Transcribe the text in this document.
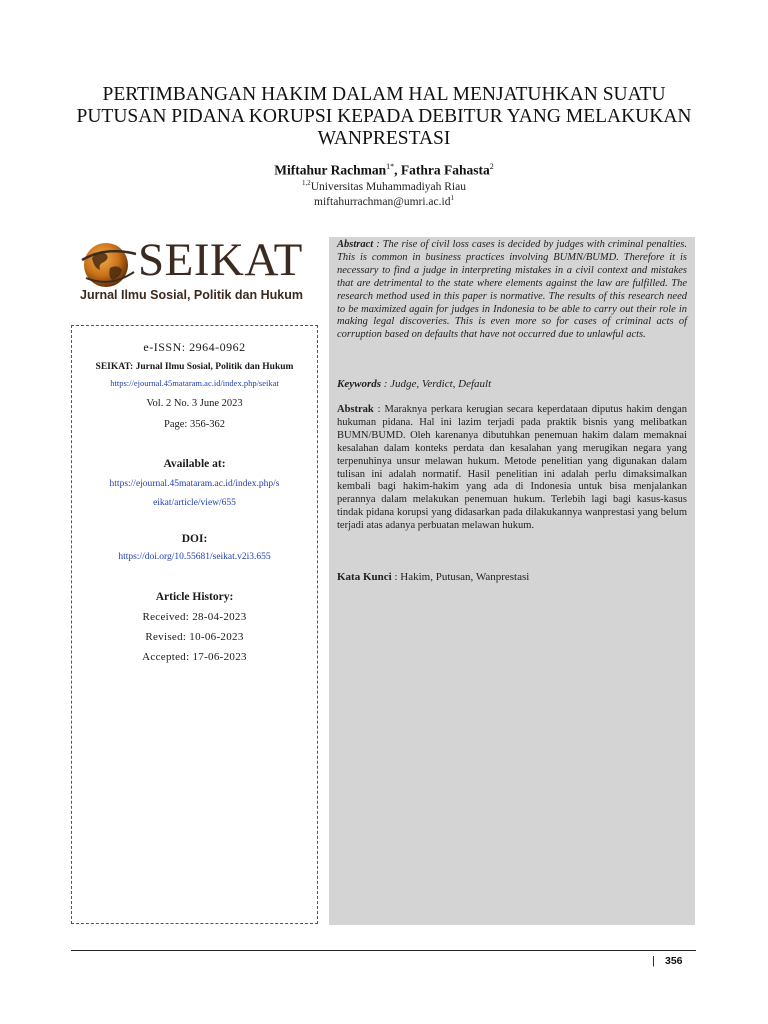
PERTIMBANGAN HAKIM DALAM HAL MENJATUHKAN SUATU
PUTUSAN PIDANA KORUPSI KEPADA DEBITUR YANG MELAKUKAN
WANPRESTASI
Miftahur Rachman$^{1*}$, Fathra Fahasta$^2$
$^{1,2}$Universitas Muhammadiyah Riau
$miftahurrachman@umri.ac.id^1$
SEIKAT
Jurnal Ilmu Sosial, Politik dan Hukum
e-ISSN: 2964-0962
SEIKAT: Jurnal Ilmu Sosial, Politik dan Hukum
https://ejournal.45mataram.ac.id/index.php/seikat
Vol. 2 No. 3 June 2023
Page: 356-362
Available at:
https://ejournal.45mataram.ac.id/index.php/s
eikat/article/view/655
DOI:
https://doi.org/10.55681/seikat.v2i3.655
Article History:
Received: 28-04-2023
Revised: 10-06-2023
Accepted: 17-06-2023
Abstract : The rise of civil loss cases is decided by judges with criminal penalties. This is common in business practices involving BUMN/BUMD. Therefore it is necessary to find a judge in interpreting mistakes in a civil context and mistakes that are detrimental to the state where elements against the law are fulfilled. The research method used in this paper is normative. The results of this research need to be maximized again for judges in Indonesia to be able to carry out their role in making legal discoveries. This is even more so for cases of criminal acts of corruption based on defaults that have not occurred due to unlawful acts.
Keywords : Judge, Verdict, Default
Abstrak : Maraknya perkara kerugian secara keperdataan diputus hakim dengan hukuman pidana. Hal ini lazim terjadi pada praktik bisnis yang melibatkan BUMN/BUMD. Oleh karenanya dibutuhkan penemuan hakim dalam memaknai kesalahan dalam konteks perdata dan kesalahan yang merugikan negara yang terpenuhinya unsur melawan hukum. Metode penelitian yang digunakan dalam tulisan ini adalah normatif. Hasil penelitian ini adalah perlu dimaksimalkan kembali bagi hakim-hakim yang ada di Indonesia untuk bisa menjalankan perannya dalam melakukan penemuan hukum. Terlebih lagi bagi kasus-kasus tindak pidana korupsi yang didasarkan pada dilakukannya wanprestasi yang belum terjadi atas adanya perbuatan melawan hukum.
Kata Kunci : Hakim, Putusan, Wanprestasi
| 356
